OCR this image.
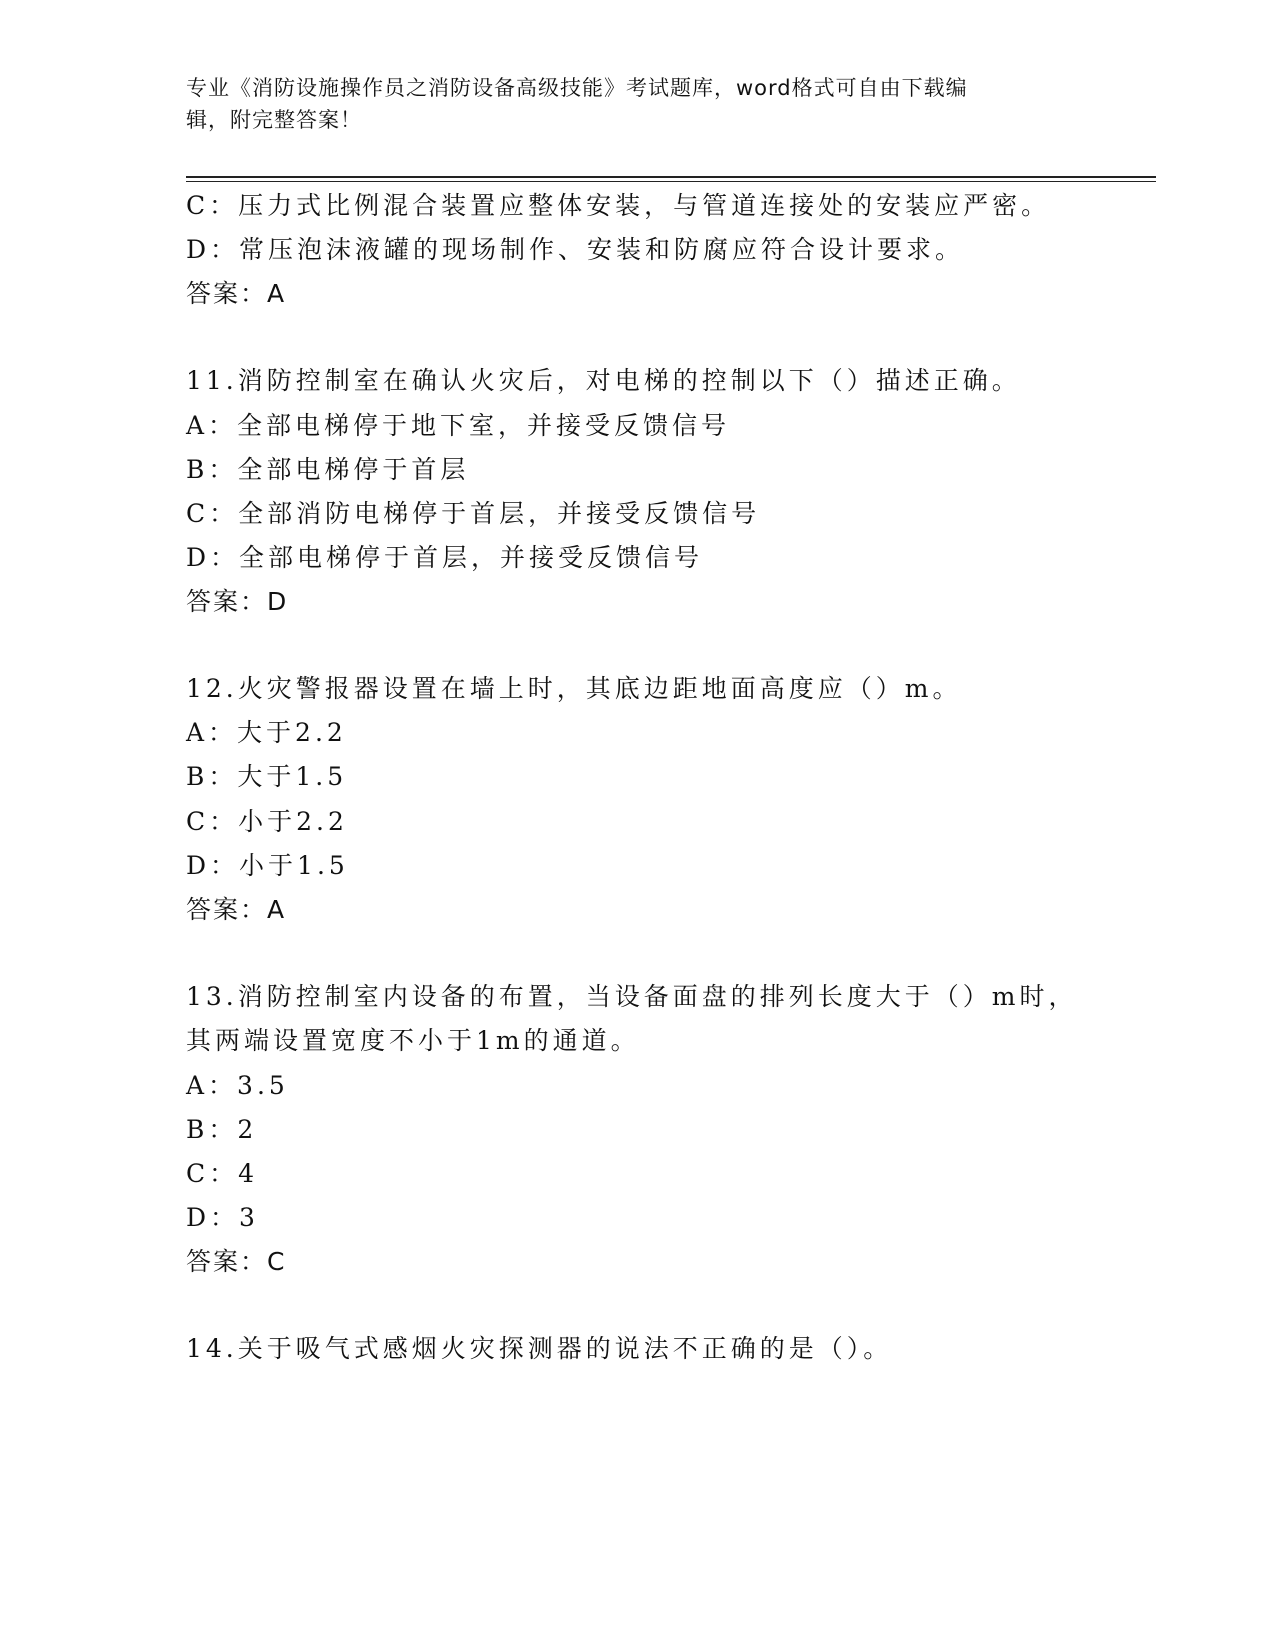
专业《消防设施操作员之消防设备高级技能》考试题库，word格式可自由下载编
辑，附完整答案！
C：压力式比例混合装置应整体安装，与管道连接处的安装应严密。
D：常压泡沫液罐的现场制作、安装和防腐应符合设计要求。
答案：A
11.消防控制室在确认火灾后，对电梯的控制以下（）描述正确。
A：全部电梯停于地下室，并接受反馈信号
B：全部电梯停于首层
C：全部消防电梯停于首层，并接受反馈信号
D：全部电梯停于首层，并接受反馈信号
答案：D
12.火灾警报器设置在墙上时，其底边距地面高度应（）m。
A：大于2.2
B：大于1.5
C：小于2.2
D：小于1.5
答案：A
13.消防控制室内设备的布置，当设备面盘的排列长度大于（）m时，
其两端设置宽度不小于1m的通道。
A：3.5
B：2
C：4
D：3
答案：C
14.关于吸气式感烟火灾探测器的说法不正确的是（）。
